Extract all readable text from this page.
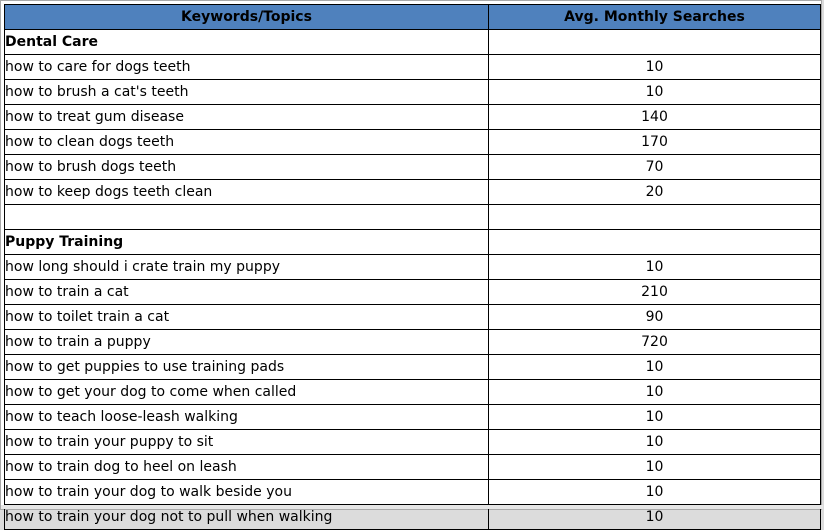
Keywords/Topics	Avg. Monthly Searches
Dental Care	
how to care for dogs teeth	10
how to brush a cat's teeth	10
how to treat gum disease	140
how to clean dogs teeth	170
how to brush dogs teeth	70
how to keep dogs teeth clean	20

Puppy Training	
how long should i crate train my puppy	10
how to train a cat	210
how to toilet train a cat	90
how to train a puppy	720
how to get puppies to use training pads	10
how to get your dog to come when called	10
how to teach loose-leash walking	10
how to train your puppy to sit	10
how to train dog to heel on leash	10
how to train your dog to walk beside you	10
how to train your dog not to pull when walking	10
